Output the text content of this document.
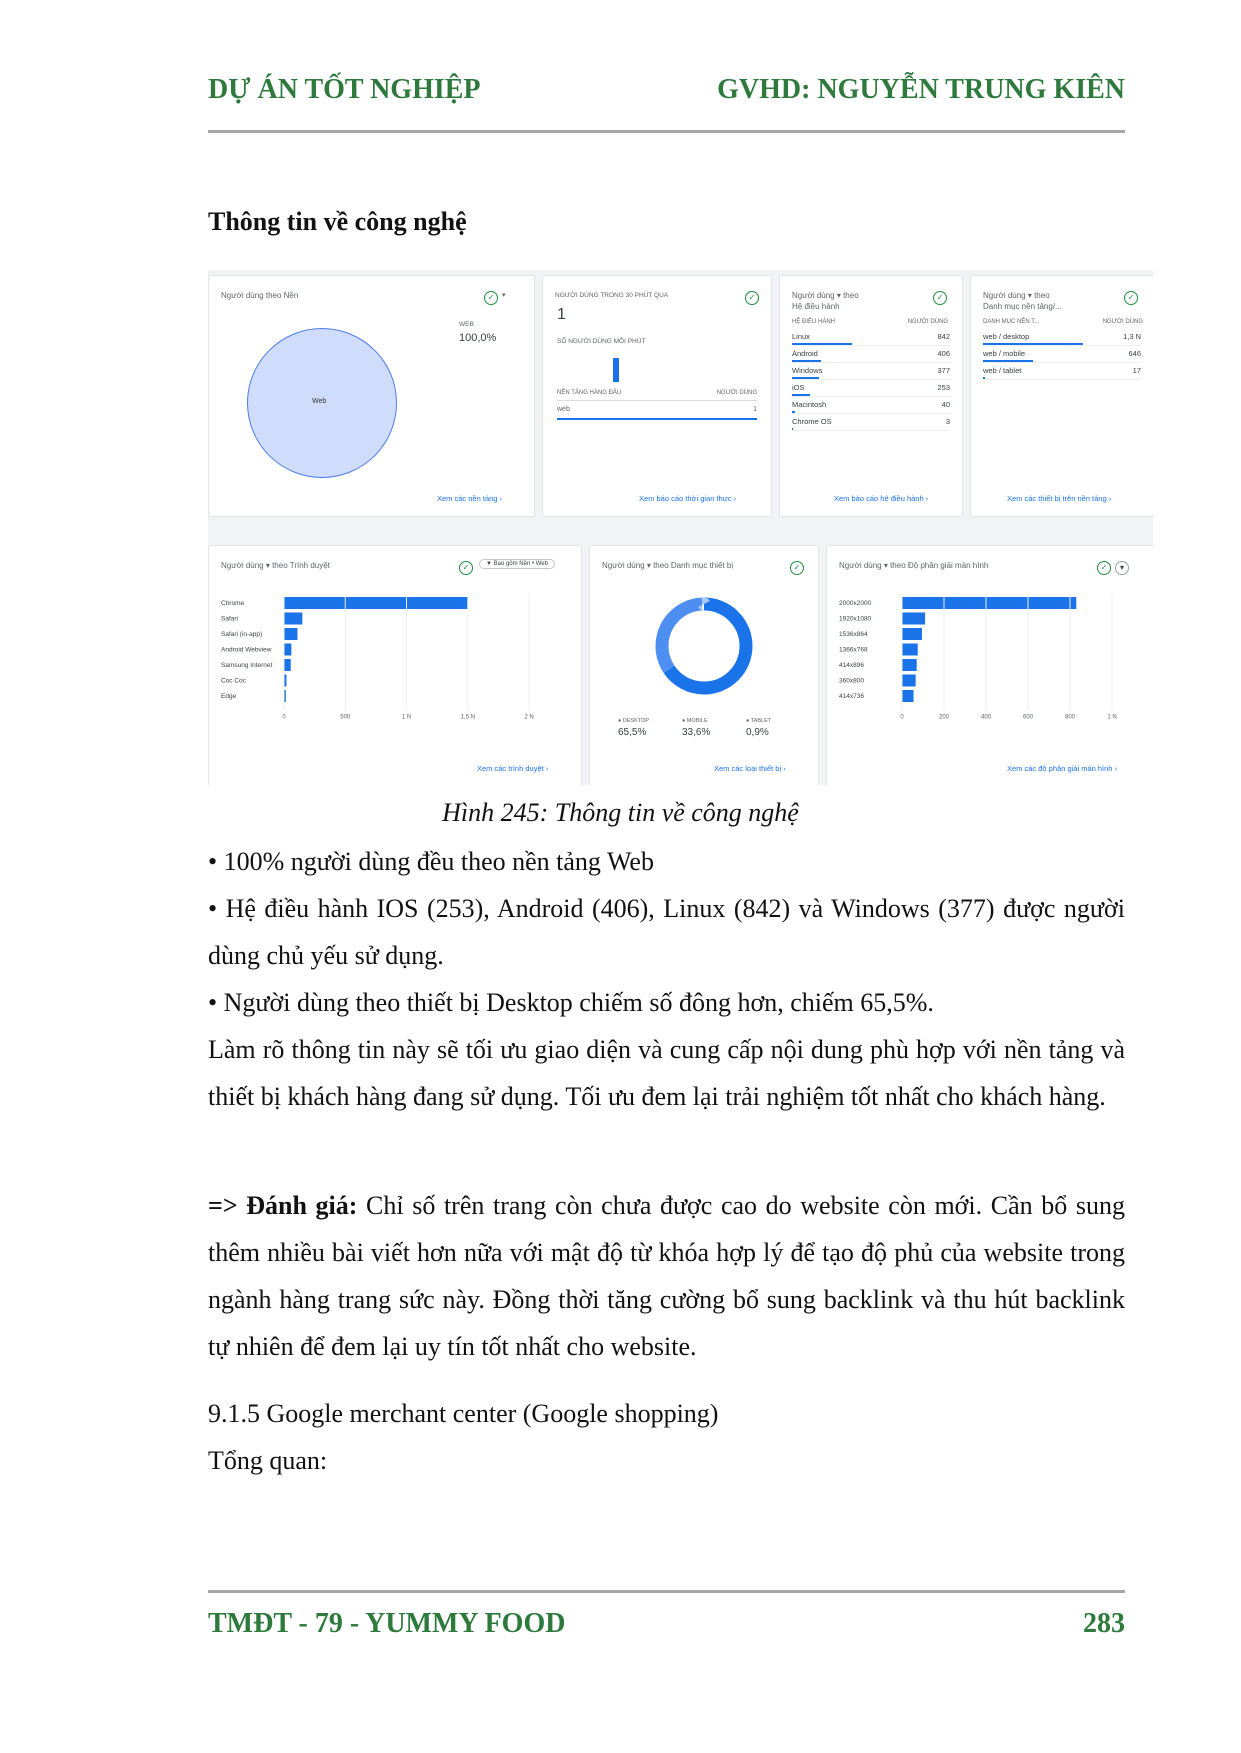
DỰ ÁN TỐT NGHIỆP	GVHD: NGUYỄN TRUNG KIÊN
Thông tin về công nghệ
Người dùng theo Nền	✓	▾
Web
WEB
100,0%
Xem các nền tảng ›
NGƯỜI DÙNG TRONG 30 PHÚT QUA	✓
1
SỐ NGƯỜI DÙNG MỖI PHÚT
NỀN TẢNG HÀNG ĐẦU	NGƯỜI DÙNG
web	1
Xem báo cáo thời gian thực ›
Người dùng ▾ theo
Hệ điều hành
✓
HỆ ĐIỀU HÀNH	NGƯỜI DÙNG
Linux	842
Android	406
Windows	377
iOS	253
Macintosh	40
Chrome OS	3
Xem báo cáo hệ điều hành ›
Người dùng ▾ theo
Danh mục nền tảng/...
✓
DANH MỤC NỀN T...	NGƯỜI DÙNG
web / desktop	1,3 N
web / mobile	646
web / tablet	17
Xem các thiết bị trên nền tảng ›
Người dùng ▾ theo Trình duyệt	✓	▼ Bao gồm Nền • Web
Chrome
Safari
Safari (in-app)
Android Webview
Samsung Internet
Coc Coc
Edge
0	500	1 N	1,5 N	2 N
Xem các trình duyệt ›
Người dùng ▾ theo Danh mục thiết bị	✓
● DESKTOP
65,5%
● MOBILE
33,6%
● TABLET
0,9%
Xem các loại thiết bị ›
Người dùng ▾ theo Độ phân giải màn hình	✓	▾
2000x2000
1920x1080
1536x864
1366x768
414x896
360x800
414x736
0	200	400	600	800	1 N
Xem các độ phân giải màn hình ›
Hình 245: Thông tin về công nghệ
• 100% người dùng đều theo nền tảng Web
• Hệ điều hành IOS (253), Android (406), Linux (842) và Windows (377) được người dùng chủ yếu sử dụng.
• Người dùng theo thiết bị Desktop chiếm số đông hơn, chiếm 65,5%.
Làm rõ thông tin này sẽ tối ưu giao diện và cung cấp nội dung phù hợp với nền tảng và thiết bị khách hàng đang sử dụng. Tối ưu đem lại trải nghiệm tốt nhất cho khách hàng.
=> Đánh giá: Chỉ số trên trang còn chưa được cao do website còn mới. Cần bổ sung thêm nhiều bài viết hơn nữa với mật độ từ khóa hợp lý để tạo độ phủ của website trong ngành hàng trang sức này. Đồng thời tăng cường bổ sung backlink và thu hút backlink tự nhiên để đem lại uy tín tốt nhất cho website.
9.1.5 Google merchant center (Google shopping)
Tổng quan:
TMĐT - 79 - YUMMY FOOD	283
